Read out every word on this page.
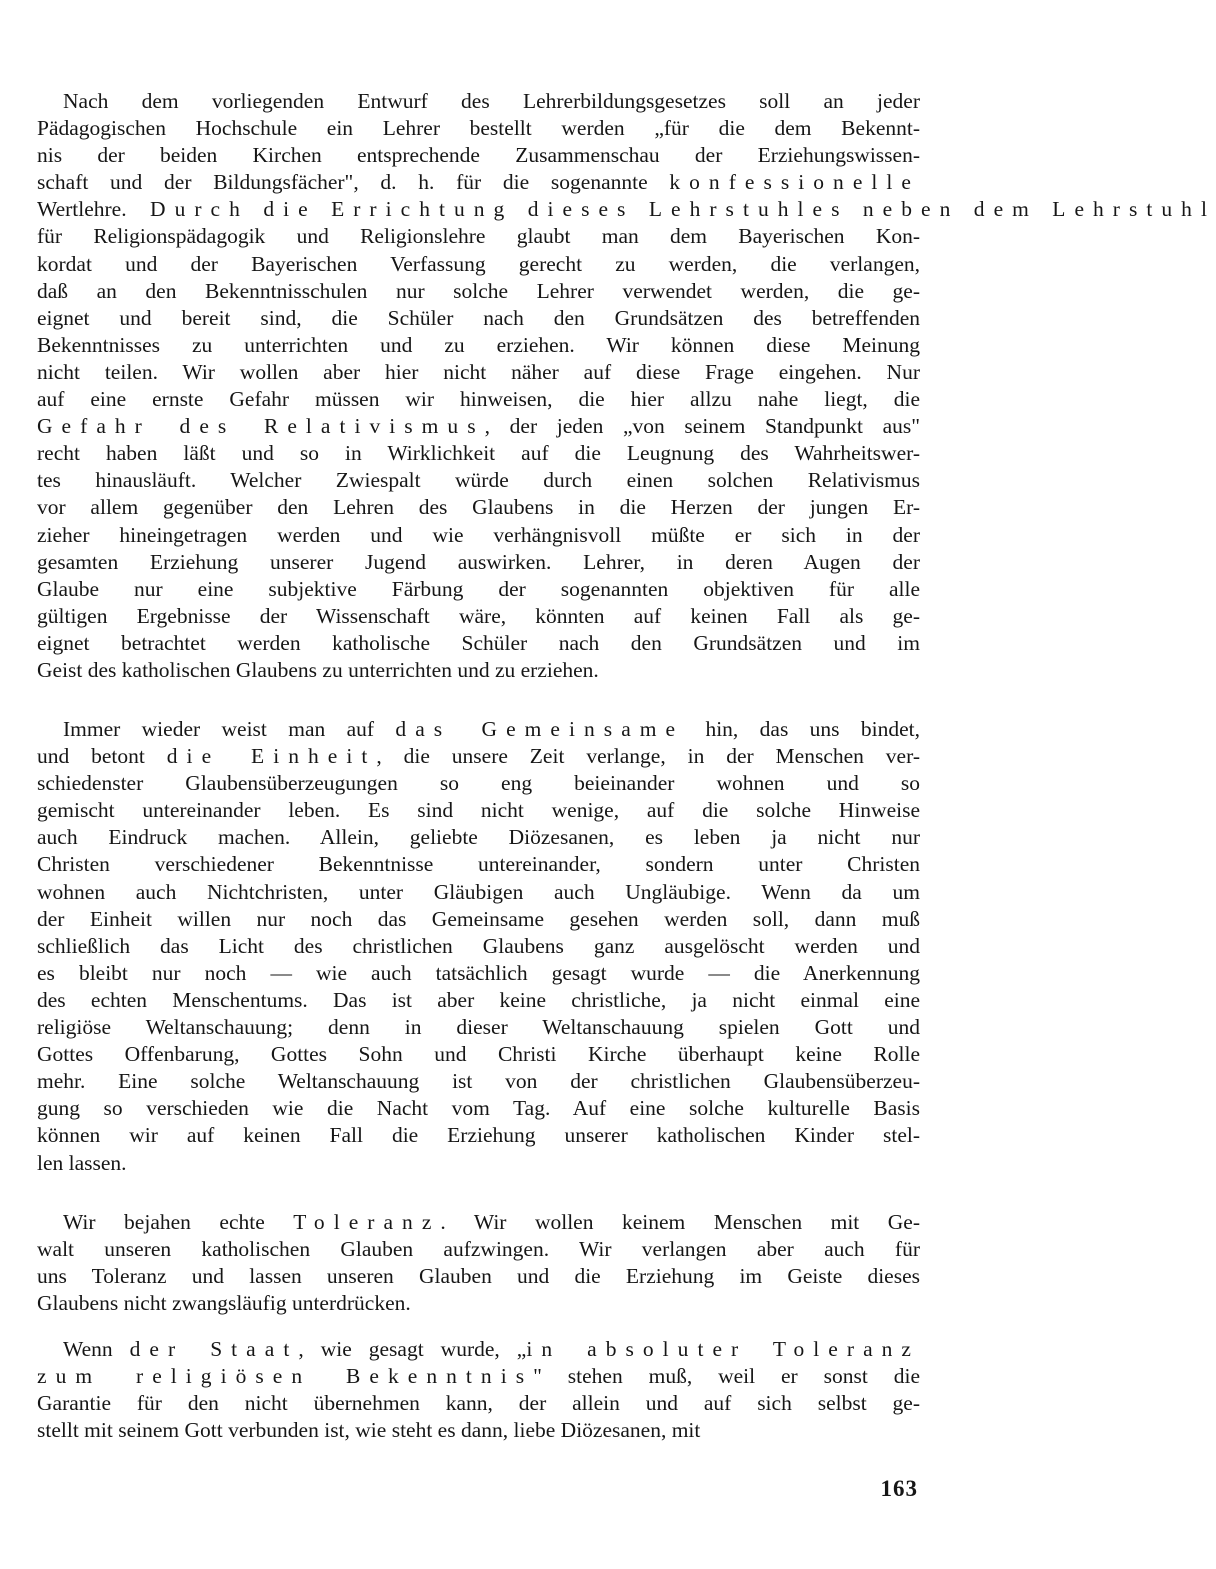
Nach dem vorliegenden Entwurf des Lehrerbildungsgesetzes soll an jeder
Pädagogischen Hochschule ein Lehrer bestellt werden „für die dem Bekennt-
nis der beiden Kirchen entsprechende Zusammenschau der Erziehungswissen-
schaft und der Bildungsfächer", d. h. für die sogenannte konfessionelle
Wertlehre. Durch die Errichtung dieses Lehrstuhles neben dem Lehrstuhl
für Religionspädagogik und Religionslehre glaubt man dem Bayerischen Kon-
kordat und der Bayerischen Verfassung gerecht zu werden, die verlangen,
daß an den Bekenntnisschulen nur solche Lehrer verwendet werden, die ge-
eignet und bereit sind, die Schüler nach den Grundsätzen des betreffenden
Bekenntnisses zu unterrichten und zu erziehen. Wir können diese Meinung
nicht teilen. Wir wollen aber hier nicht näher auf diese Frage eingehen. Nur
auf eine ernste Gefahr müssen wir hinweisen, die hier allzu nahe liegt, die
Gefahr des Relativismus, der jeden „von seinem Standpunkt aus"
recht haben läßt und so in Wirklichkeit auf die Leugnung des Wahrheitswer-
tes hinausläuft. Welcher Zwiespalt würde durch einen solchen Relativismus
vor allem gegenüber den Lehren des Glaubens in die Herzen der jungen Er-
zieher hineingetragen werden und wie verhängnisvoll müßte er sich in der
gesamten Erziehung unserer Jugend auswirken. Lehrer, in deren Augen der
Glaube nur eine subjektive Färbung der sogenannten objektiven für alle
gültigen Ergebnisse der Wissenschaft wäre, könnten auf keinen Fall als ge-
eignet betrachtet werden katholische Schüler nach den Grundsätzen und im
Geist des katholischen Glaubens zu unterrichten und zu erziehen.
Immer wieder weist man auf das Gemeinsame hin, das uns bindet,
und betont die Einheit, die unsere Zeit verlange, in der Menschen ver-
schiedenster Glaubensüberzeugungen so eng beieinander wohnen und so
gemischt untereinander leben. Es sind nicht wenige, auf die solche Hinweise
auch Eindruck machen. Allein, geliebte Diözesanen, es leben ja nicht nur
Christen verschiedener Bekenntnisse untereinander, sondern unter Christen
wohnen auch Nichtchristen, unter Gläubigen auch Ungläubige. Wenn da um
der Einheit willen nur noch das Gemeinsame gesehen werden soll, dann muß
schließlich das Licht des christlichen Glaubens ganz ausgelöscht werden und
es bleibt nur noch — wie auch tatsächlich gesagt wurde — die Anerkennung
des echten Menschentums. Das ist aber keine christliche, ja nicht einmal eine
religiöse Weltanschauung; denn in dieser Weltanschauung spielen Gott und
Gottes Offenbarung, Gottes Sohn und Christi Kirche überhaupt keine Rolle
mehr. Eine solche Weltanschauung ist von der christlichen Glaubensüberzeu-
gung so verschieden wie die Nacht vom Tag. Auf eine solche kulturelle Basis
können wir auf keinen Fall die Erziehung unserer katholischen Kinder stel-
len lassen.
Wir bejahen echte Toleranz. Wir wollen keinem Menschen mit Ge-
walt unseren katholischen Glauben aufzwingen. Wir verlangen aber auch für
uns Toleranz und lassen unseren Glauben und die Erziehung im Geiste dieses
Glaubens nicht zwangsläufig unterdrücken.
Wenn der Staat, wie gesagt wurde, „in absoluter Toleranz
zum religiösen Bekenntnis" stehen muß, weil er sonst die
Garantie für den nicht übernehmen kann, der allein und auf sich selbst ge-
stellt mit seinem Gott verbunden ist, wie steht es dann, liebe Diözesanen, mit
163
